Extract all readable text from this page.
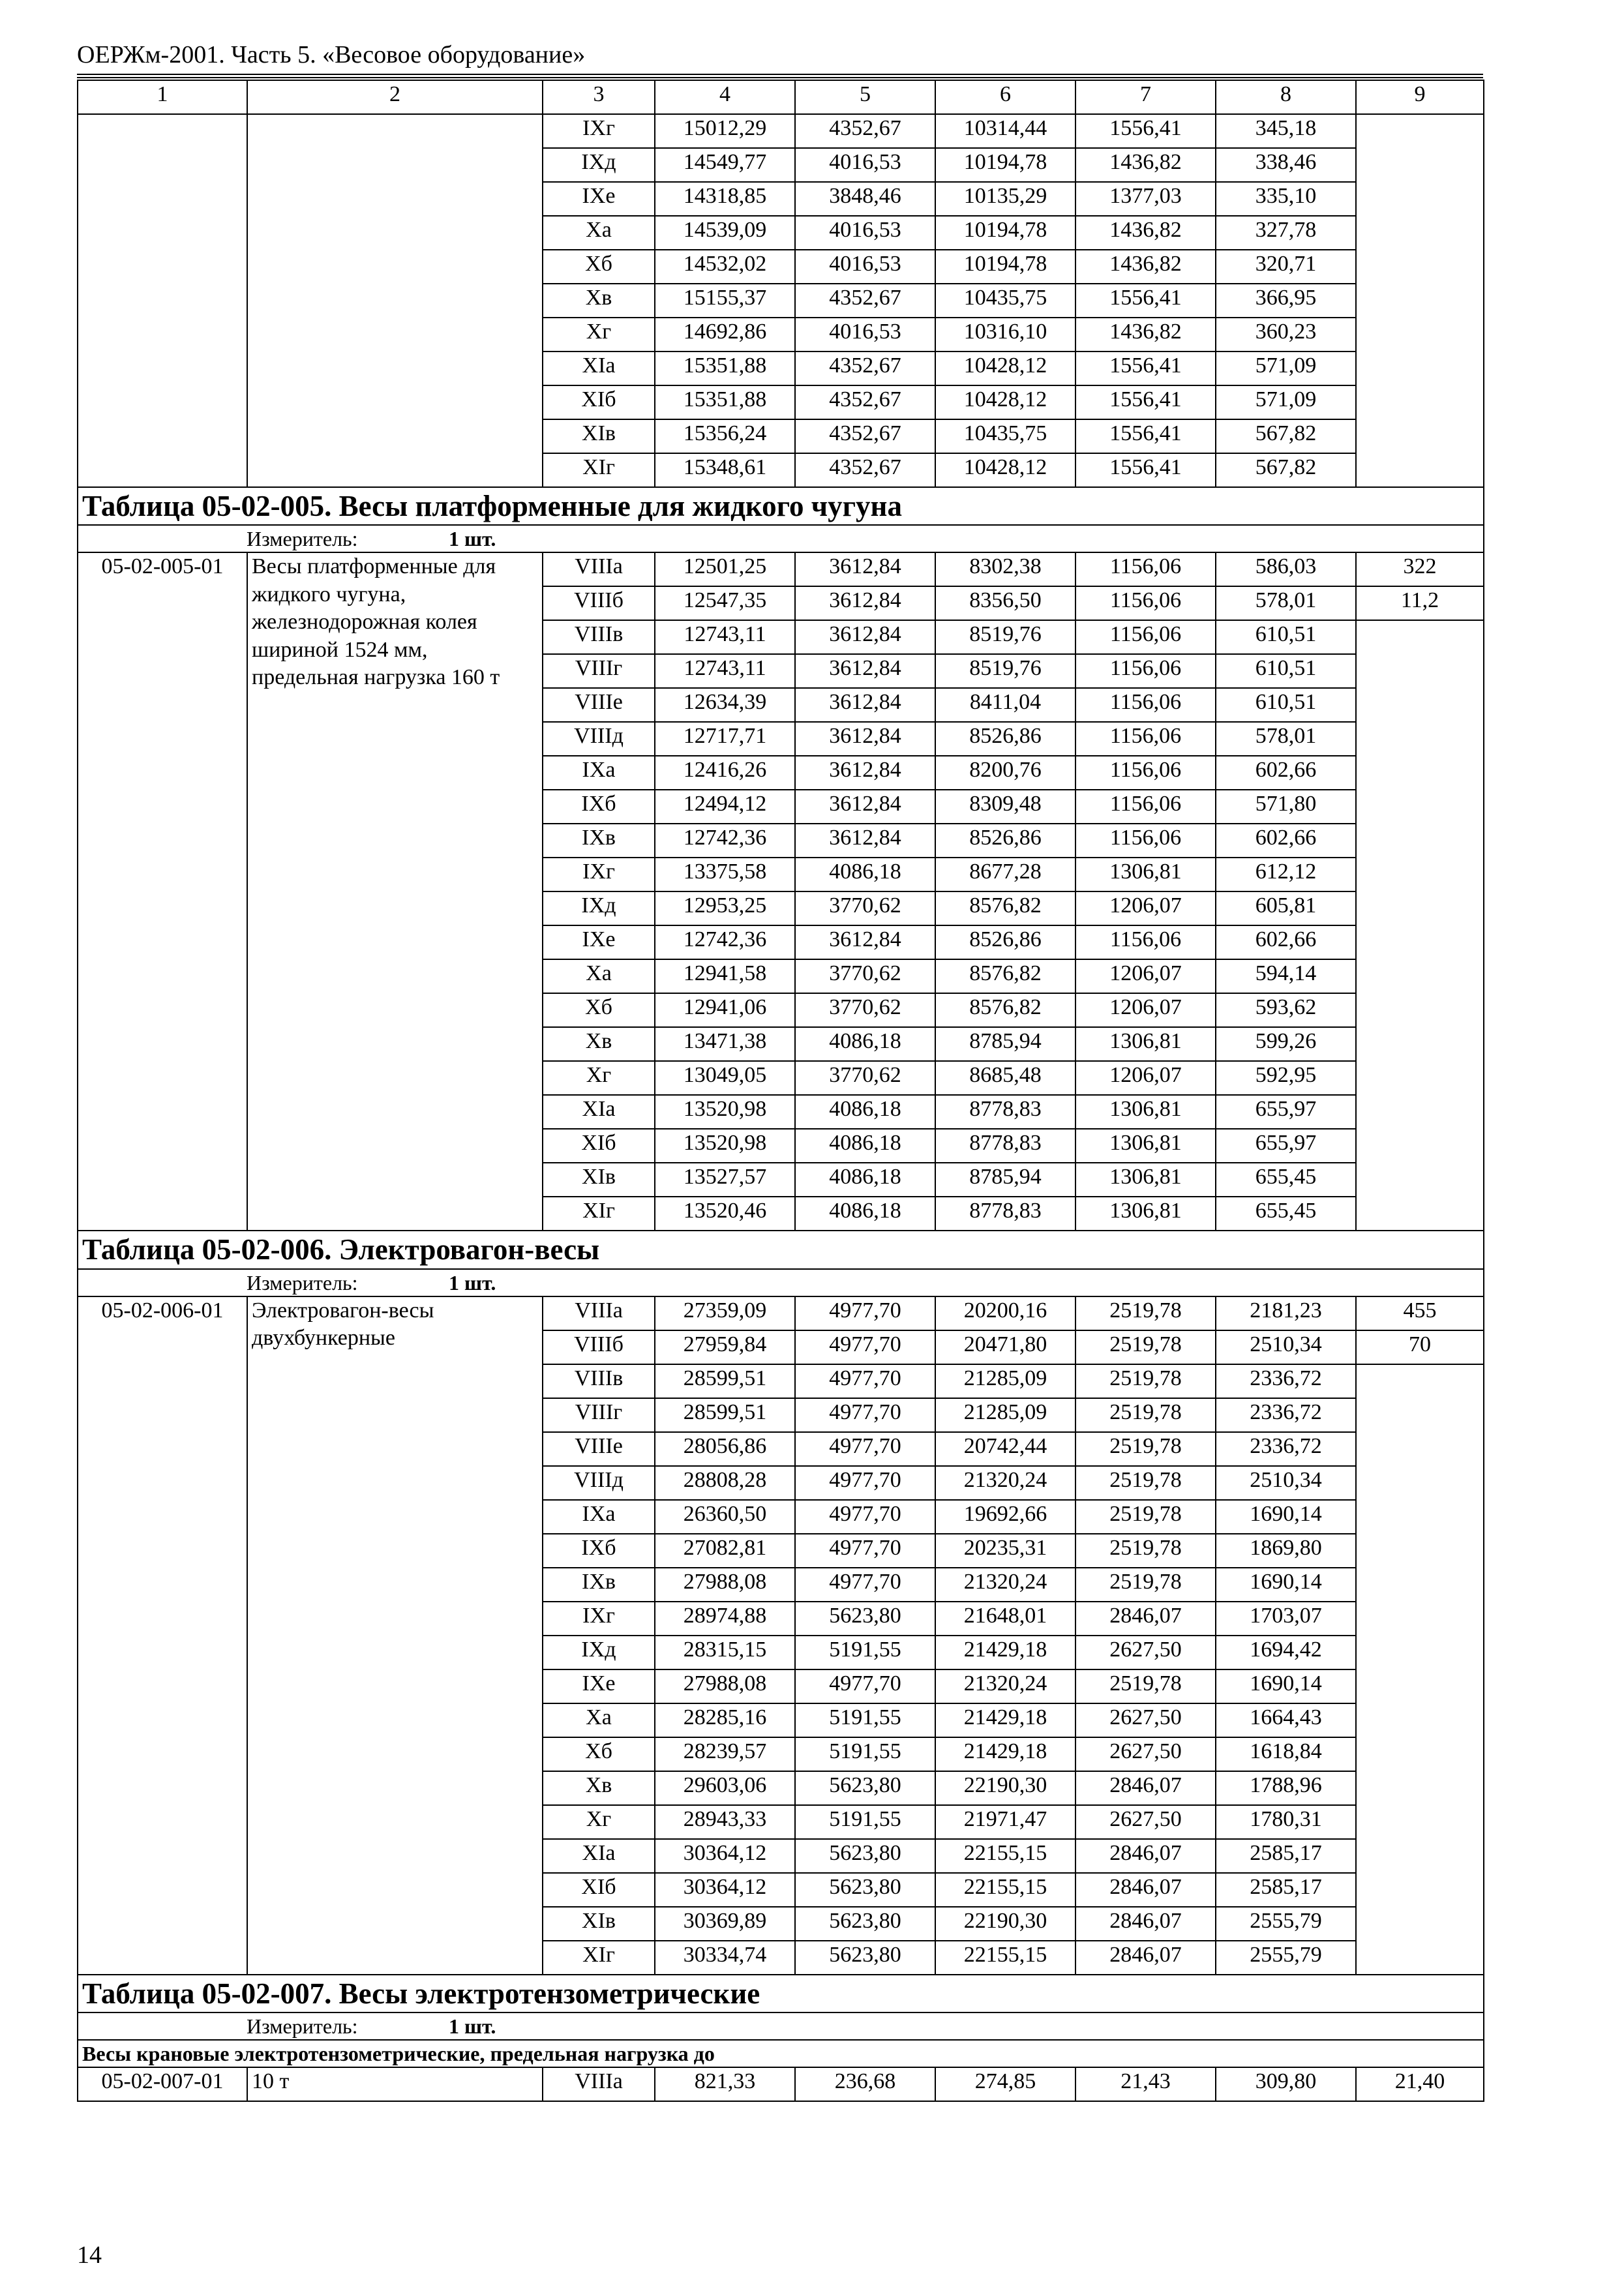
ОЕРЖм-2001. Часть 5. «Весовое оборудование»
1	2	3	4	5	6	7	8	9
		IXг	15012,29	4352,67	10314,44	1556,41	345,18	
		IXд	14549,77	4016,53	10194,78	1436,82	338,46	
		IXe	14318,85	3848,46	10135,29	1377,03	335,10	
		Xa	14539,09	4016,53	10194,78	1436,82	327,78	
		Xб	14532,02	4016,53	10194,78	1436,82	320,71	
		Xв	15155,37	4352,67	10435,75	1556,41	366,95	
		Xг	14692,86	4016,53	10316,10	1436,82	360,23	
		XIa	15351,88	4352,67	10428,12	1556,41	571,09	
		XIб	15351,88	4352,67	10428,12	1556,41	571,09	
		XIв	15356,24	4352,67	10435,75	1556,41	567,82	
		XIг	15348,61	4352,67	10428,12	1556,41	567,82	
Таблица 05-02-005. Весы платформенные для жидкого чугуна								
Измеритель: 1 шт.								
05-02-005-01	Весы платформенные для жидкого чугуна, железнодорожная колея шириной 1524 мм, предельная нагрузка 160 т	VIIIa	12501,25	3612,84	8302,38	1156,06	586,03	322
		VIIIб	12547,35	3612,84	8356,50	1156,06	578,01	11,2
		VIIIв	12743,11	3612,84	8519,76	1156,06	610,51	
		VIIIг	12743,11	3612,84	8519,76	1156,06	610,51	
		VIIIe	12634,39	3612,84	8411,04	1156,06	610,51	
		VIIIд	12717,71	3612,84	8526,86	1156,06	578,01	
		IXa	12416,26	3612,84	8200,76	1156,06	602,66	
		IXб	12494,12	3612,84	8309,48	1156,06	571,80	
		IXв	12742,36	3612,84	8526,86	1156,06	602,66	
		IXг	13375,58	4086,18	8677,28	1306,81	612,12	
		IXд	12953,25	3770,62	8576,82	1206,07	605,81	
		IXe	12742,36	3612,84	8526,86	1156,06	602,66	
		Xa	12941,58	3770,62	8576,82	1206,07	594,14	
		Xб	12941,06	3770,62	8576,82	1206,07	593,62	
		Xв	13471,38	4086,18	8785,94	1306,81	599,26	
		Xг	13049,05	3770,62	8685,48	1206,07	592,95	
		XIa	13520,98	4086,18	8778,83	1306,81	655,97	
		XIб	13520,98	4086,18	8778,83	1306,81	655,97	
		XIв	13527,57	4086,18	8785,94	1306,81	655,45	
		XIг	13520,46	4086,18	8778,83	1306,81	655,45	
Таблица 05-02-006. Электровагон-весы								
Измеритель: 1 шт.								
05-02-006-01	Электровагон-весы двухбункерные	VIIIa	27359,09	4977,70	20200,16	2519,78	2181,23	455
		VIIIб	27959,84	4977,70	20471,80	2519,78	2510,34	70
		VIIIв	28599,51	4977,70	21285,09	2519,78	2336,72	
		VIIIг	28599,51	4977,70	21285,09	2519,78	2336,72	
		VIIIe	28056,86	4977,70	20742,44	2519,78	2336,72	
		VIIIд	28808,28	4977,70	21320,24	2519,78	2510,34	
		IXa	26360,50	4977,70	19692,66	2519,78	1690,14	
		IXб	27082,81	4977,70	20235,31	2519,78	1869,80	
		IXв	27988,08	4977,70	21320,24	2519,78	1690,14	
		IXг	28974,88	5623,80	21648,01	2846,07	1703,07	
		IXд	28315,15	5191,55	21429,18	2627,50	1694,42	
		IXe	27988,08	4977,70	21320,24	2519,78	1690,14	
		Xa	28285,16	5191,55	21429,18	2627,50	1664,43	
		Xб	28239,57	5191,55	21429,18	2627,50	1618,84	
		Xв	29603,06	5623,80	22190,30	2846,07	1788,96	
		Xг	28943,33	5191,55	21971,47	2627,50	1780,31	
		XIa	30364,12	5623,80	22155,15	2846,07	2585,17	
		XIб	30364,12	5623,80	22155,15	2846,07	2585,17	
		XIв	30369,89	5623,80	22190,30	2846,07	2555,79	
		XIг	30334,74	5623,80	22155,15	2846,07	2555,79	
Таблица 05-02-007. Весы электротензометрические								
Измеритель: 1 шт.								
Весы крановые электротензометрические, предельная нагрузка до								
05-02-007-01	10 т	VIIIa	821,33	236,68	274,85	21,43	309,80	21,40
14
